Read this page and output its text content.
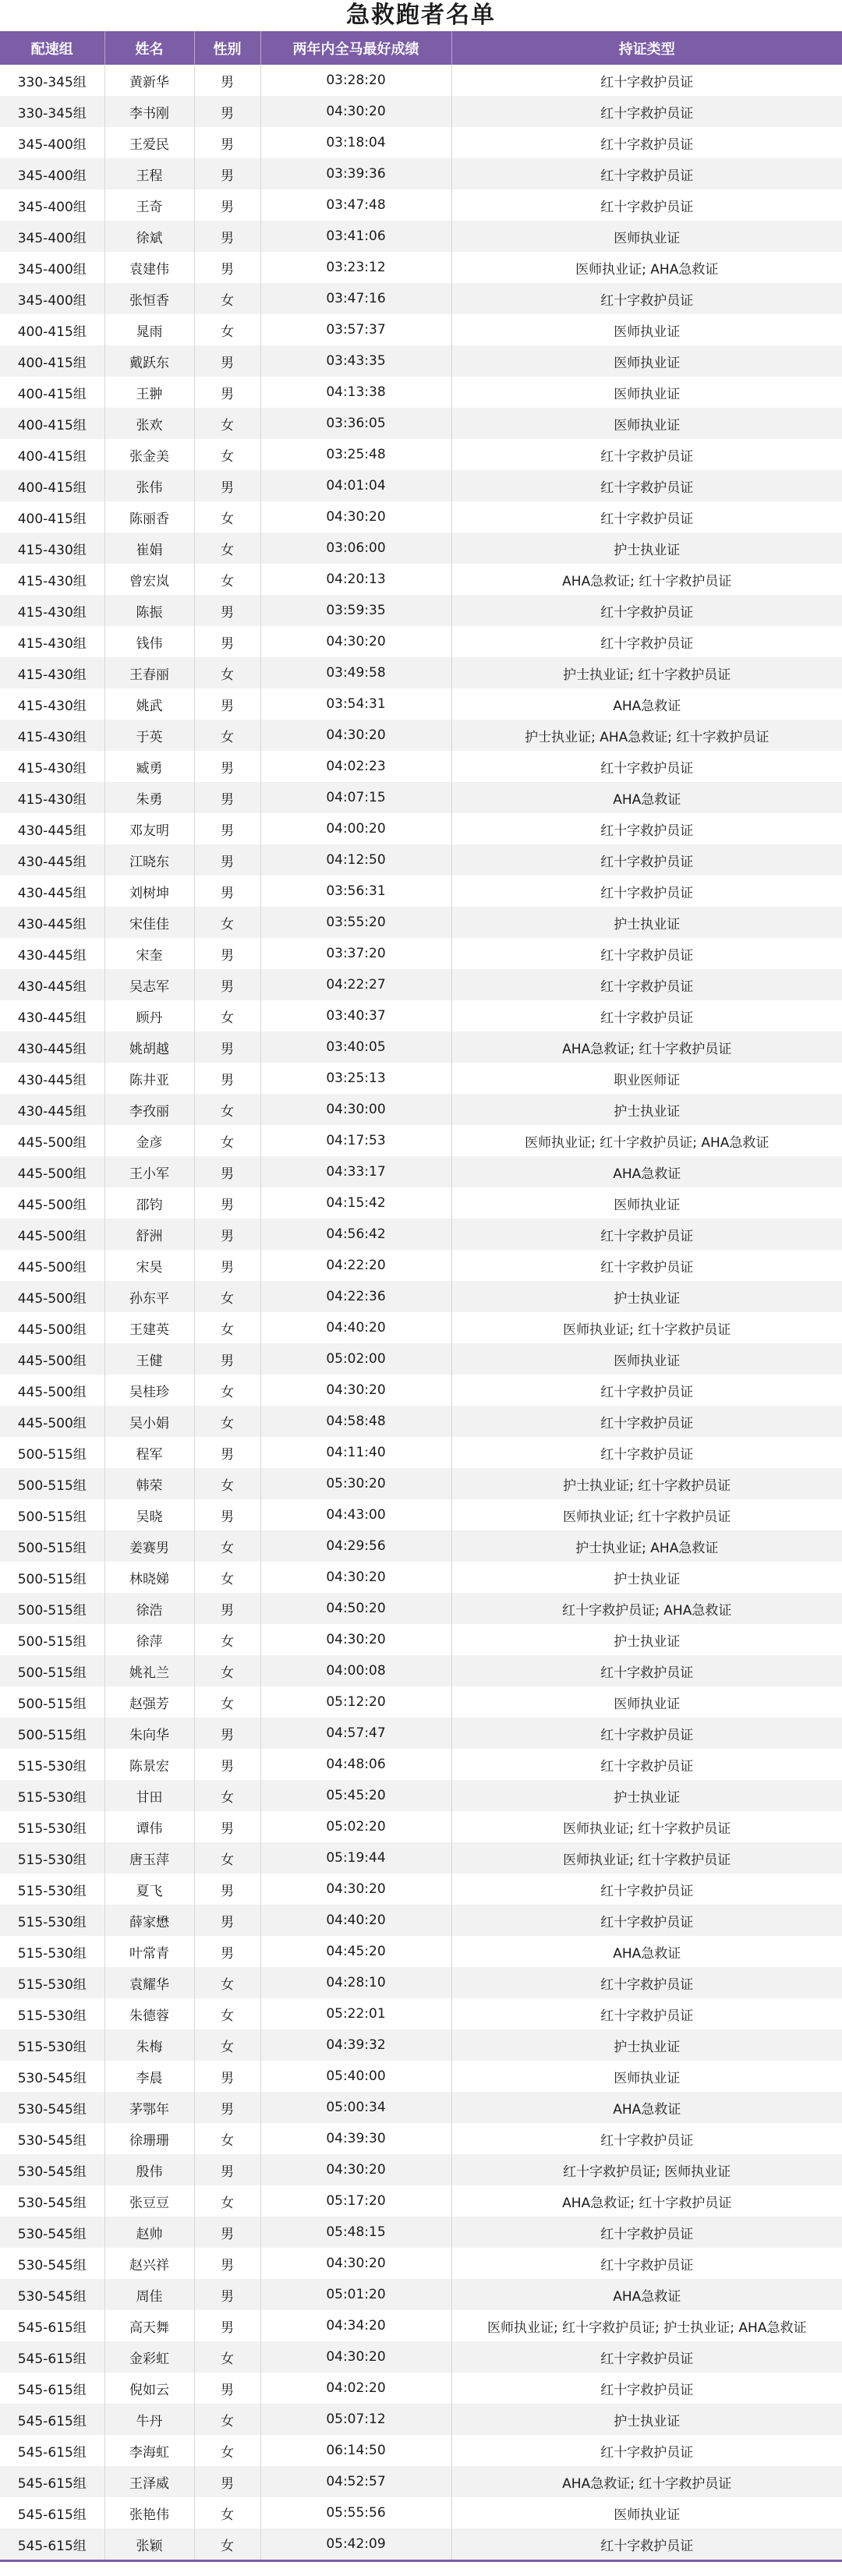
急救跑者名单
配速组	姓名	性别	两年内全马最好成绩	持证类型
330-345组	黄新华	男	03:28:20	红十字救护员证
330-345组	李书刚	男	04:30:20	红十字救护员证
345-400组	王爱民	男	03:18:04	红十字救护员证
345-400组	王程	男	03:39:36	红十字救护员证
345-400组	王奇	男	03:47:48	红十字救护员证
345-400组	徐斌	男	03:41:06	医师执业证
345-400组	袁建伟	男	03:23:12	医师执业证; AHA急救证
345-400组	张恒香	女	03:47:16	红十字救护员证
400-415组	晁雨	女	03:57:37	医师执业证
400-415组	戴跃东	男	03:43:35	医师执业证
400-415组	王翀	男	04:13:38	医师执业证
400-415组	张欢	女	03:36:05	医师执业证
400-415组	张金美	女	03:25:48	红十字救护员证
400-415组	张伟	男	04:01:04	红十字救护员证
400-415组	陈丽香	女	04:30:20	红十字救护员证
415-430组	崔娟	女	03:06:00	护士执业证
415-430组	曾宏岚	女	04:20:13	AHA急救证; 红十字救护员证
415-430组	陈振	男	03:59:35	红十字救护员证
415-430组	钱伟	男	04:30:20	红十字救护员证
415-430组	王春丽	女	03:49:58	护士执业证; 红十字救护员证
415-430组	姚武	男	03:54:31	AHA急救证
415-430组	于英	女	04:30:20	护士执业证; AHA急救证; 红十字救护员证
415-430组	臧勇	男	04:02:23	红十字救护员证
415-430组	朱勇	男	04:07:15	AHA急救证
430-445组	邓友明	男	04:00:20	红十字救护员证
430-445组	江晓东	男	04:12:50	红十字救护员证
430-445组	刘树坤	男	03:56:31	红十字救护员证
430-445组	宋佳佳	女	03:55:20	护士执业证
430-445组	宋奎	男	03:37:20	红十字救护员证
430-445组	吴志军	男	04:22:27	红十字救护员证
430-445组	顾丹	女	03:40:37	红十字救护员证
430-445组	姚胡越	男	03:40:05	AHA急救证; 红十字救护员证
430-445组	陈井亚	男	03:25:13	职业医师证
430-445组	李孜丽	女	04:30:00	护士执业证
445-500组	金彦	女	04:17:53	医师执业证; 红十字救护员证; AHA急救证
445-500组	王小军	男	04:33:17	AHA急救证
445-500组	邵钧	男	04:15:42	医师执业证
445-500组	舒洲	男	04:56:42	红十字救护员证
445-500组	宋昊	男	04:22:20	红十字救护员证
445-500组	孙东平	女	04:22:36	护士执业证
445-500组	王建英	女	04:40:20	医师执业证; 红十字救护员证
445-500组	王健	男	05:02:00	医师执业证
445-500组	吴桂珍	女	04:30:20	红十字救护员证
445-500组	吴小娟	女	04:58:48	红十字救护员证
500-515组	程军	男	04:11:40	红十字救护员证
500-515组	韩荣	女	05:30:20	护士执业证; 红十字救护员证
500-515组	吴晓	男	04:43:00	医师执业证; 红十字救护员证
500-515组	姜赛男	女	04:29:56	护士执业证; AHA急救证
500-515组	林晓娣	女	04:30:20	护士执业证
500-515组	徐浩	男	04:50:20	红十字救护员证; AHA急救证
500-515组	徐萍	女	04:30:20	护士执业证
500-515组	姚礼兰	女	04:00:08	红十字救护员证
500-515组	赵强芳	女	05:12:20	医师执业证
500-515组	朱向华	男	04:57:47	红十字救护员证
515-530组	陈景宏	男	04:48:06	红十字救护员证
515-530组	甘田	女	05:45:20	护士执业证
515-530组	谭伟	男	05:02:20	医师执业证; 红十字救护员证
515-530组	唐玉萍	女	05:19:44	医师执业证; 红十字救护员证
515-530组	夏飞	男	04:30:20	红十字救护员证
515-530组	薛家懋	男	04:40:20	红十字救护员证
515-530组	叶常青	男	04:45:20	AHA急救证
515-530组	袁耀华	女	04:28:10	红十字救护员证
515-530组	朱德蓉	女	05:22:01	红十字救护员证
515-530组	朱梅	女	04:39:32	护士执业证
530-545组	李晨	男	05:40:00	医师执业证
530-545组	茅鄂年	男	05:00:34	AHA急救证
530-545组	徐珊珊	女	04:39:30	红十字救护员证
530-545组	殷伟	男	04:30:20	红十字救护员证; 医师执业证
530-545组	张豆豆	女	05:17:20	AHA急救证; 红十字救护员证
530-545组	赵帅	男	05:48:15	红十字救护员证
530-545组	赵兴祥	男	04:30:20	红十字救护员证
530-545组	周佳	男	05:01:20	AHA急救证
545-615组	高天舞	男	04:34:20	医师执业证; 红十字救护员证; 护士执业证; AHA急救证
545-615组	金彩虹	女	04:30:20	红十字救护员证
545-615组	倪如云	男	04:02:20	红十字救护员证
545-615组	牛丹	女	05:07:12	护士执业证
545-615组	李海虹	女	06:14:50	红十字救护员证
545-615组	王泽威	男	04:52:57	AHA急救证; 红十字救护员证
545-615组	张艳伟	女	05:55:56	医师执业证
545-615组	张颖	女	05:42:09	红十字救护员证
